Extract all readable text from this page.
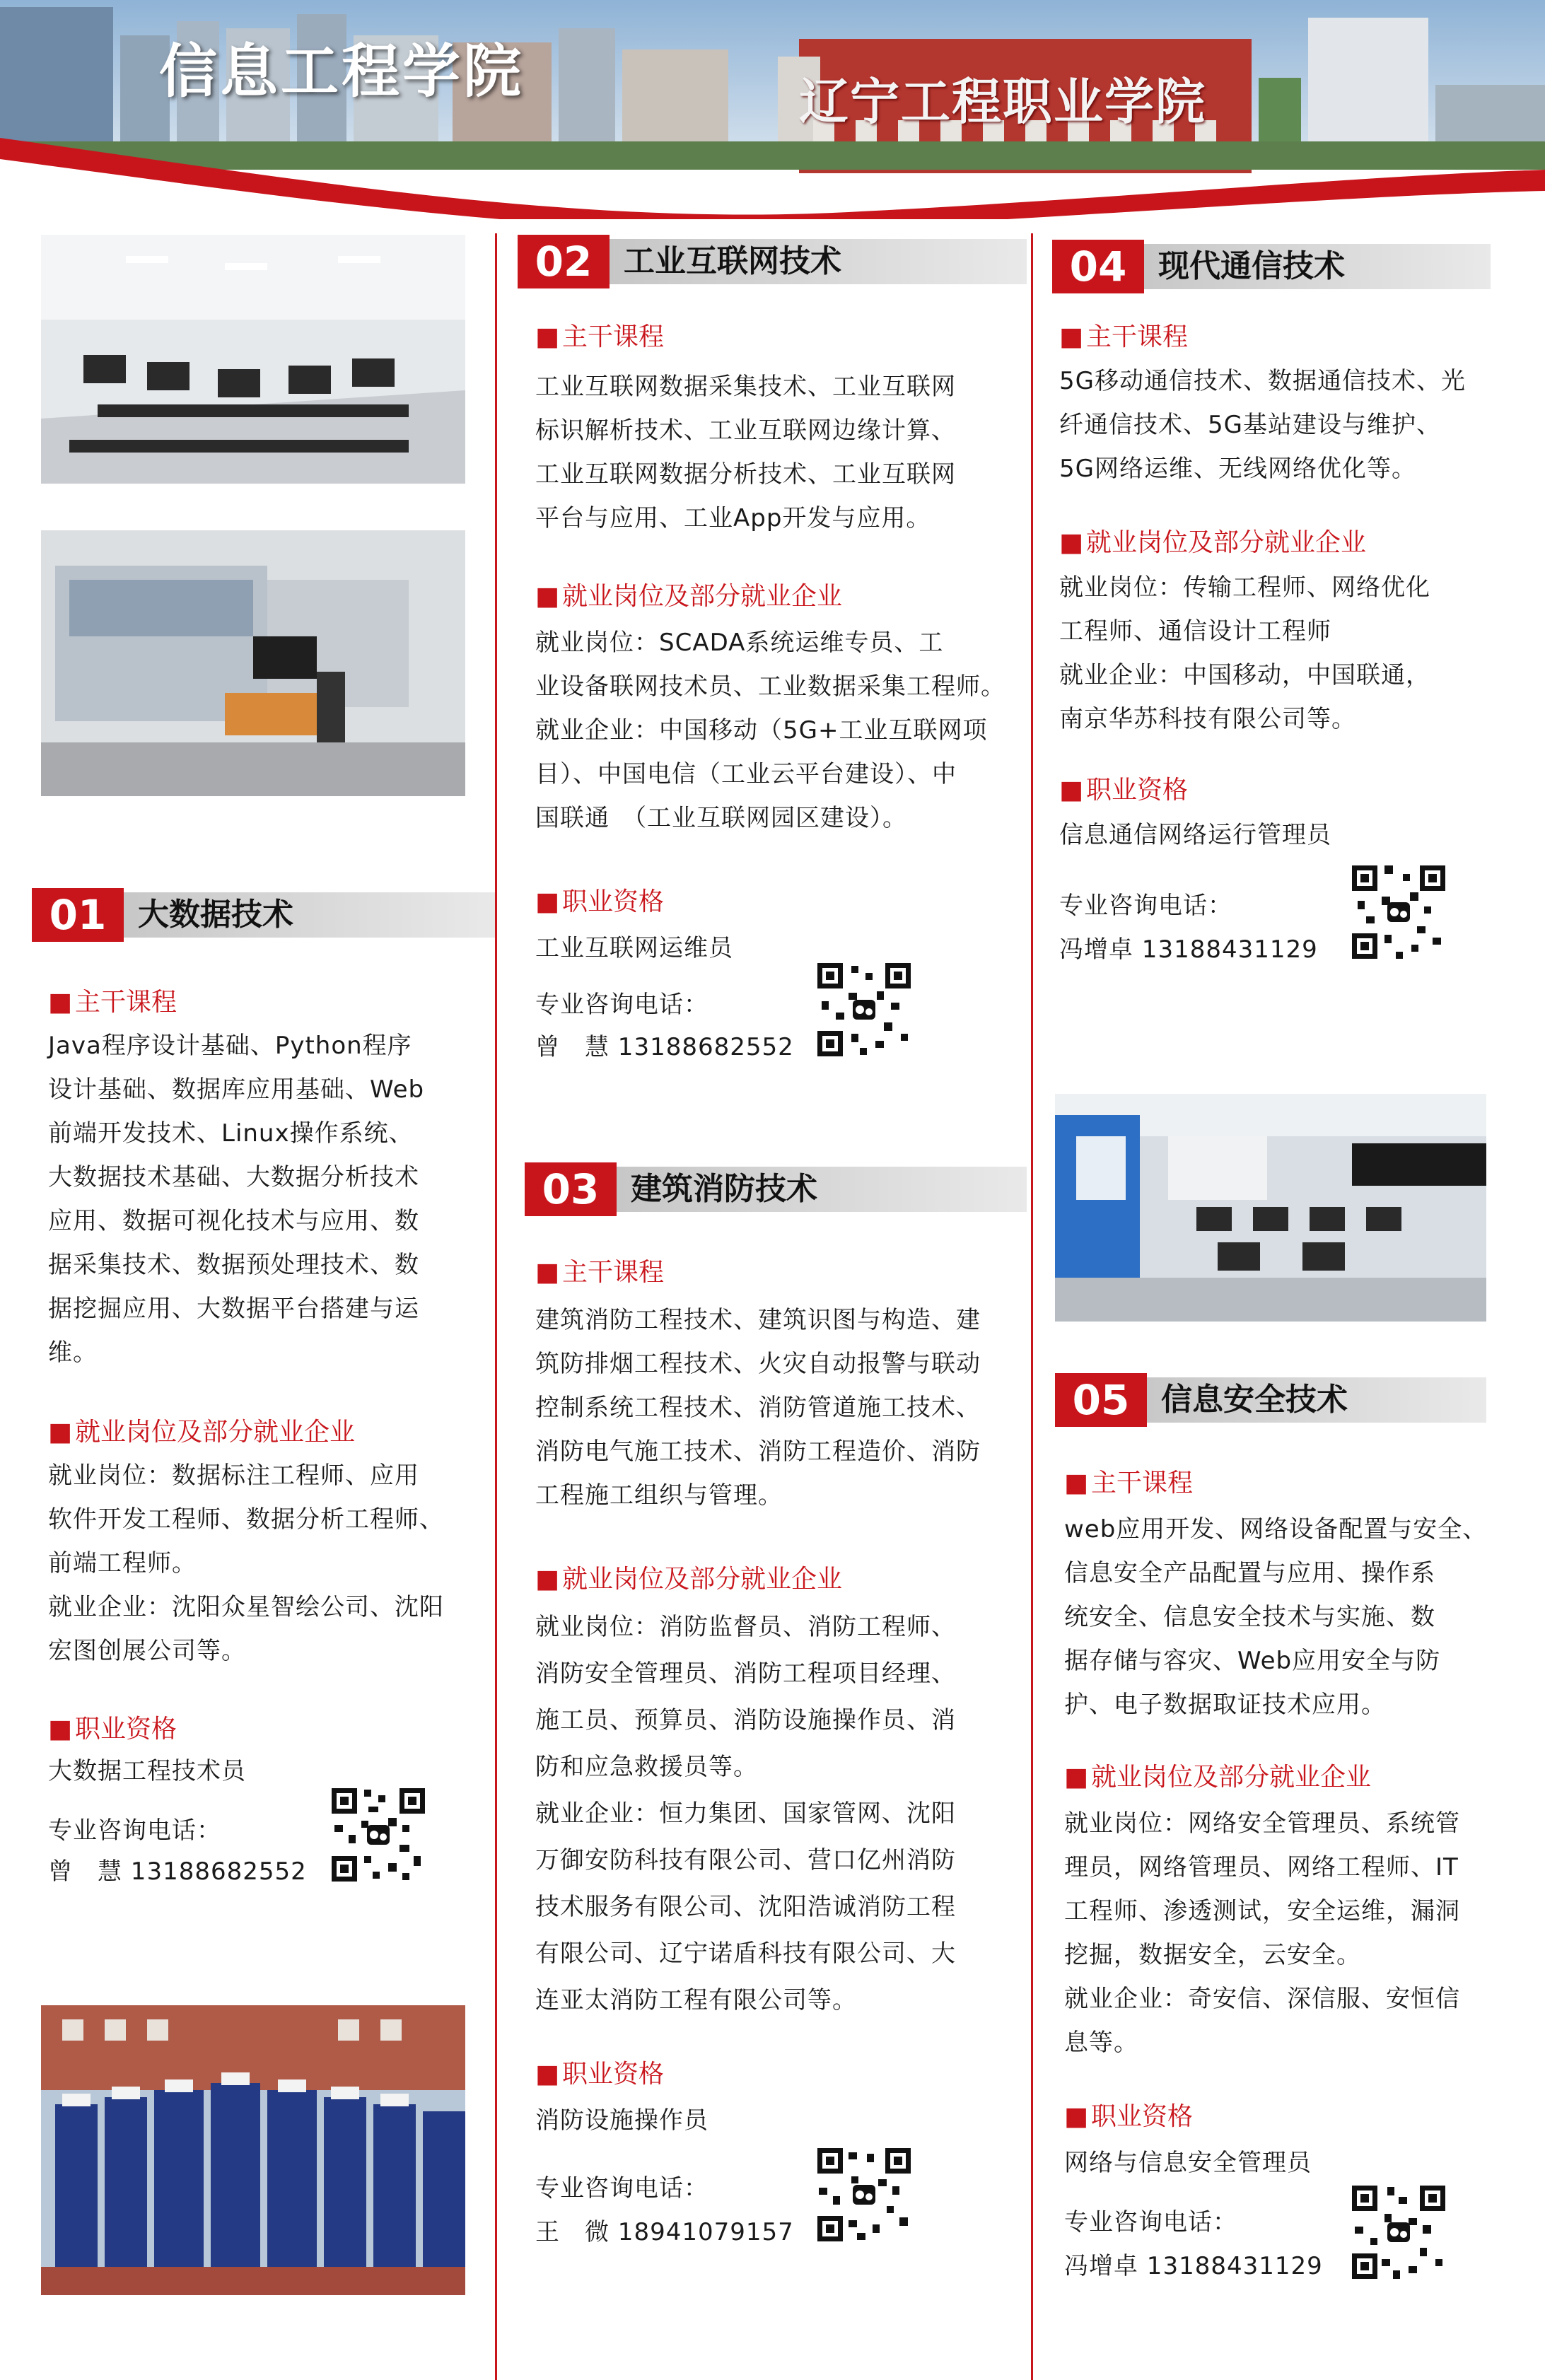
信息工程学院	辽宁工程职业学院
01	大数据技术
■ 主干课程
Java程序设计基础、Python程序
设计基础、数据库应用基础、Web
前端开发技术、Linux操作系统、
大数据技术基础、大数据分析技术
应用、数据可视化技术与应用、数
据采集技术、数据预处理技术、数
据挖掘应用、大数据平台搭建与运
维。
■ 就业岗位及部分就业企业
就业岗位：数据标注工程师、应用
软件开发工程师、数据分析工程师、
前端工程师。
就业企业：沈阳众星智绘公司、沈阳
宏图创展公司等。
■ 职业资格
大数据工程技术员
专业咨询电话：
曾　慧 13188682552
02	工业互联网技术
■ 主干课程
工业互联网数据采集技术、工业互联网
标识解析技术、工业互联网边缘计算、
工业互联网数据分析技术、工业互联网
平台与应用、工业App开发与应用。
■ 就业岗位及部分就业企业
就业岗位：SCADA系统运维专员、工
业设备联网技术员、工业数据采集工程师。
就业企业：中国移动（5G+工业互联网项
目）、中国电信（工业云平台建设）、中
国联通　（工业互联网园区建设）。
■ 职业资格
工业互联网运维员
专业咨询电话：
曾　慧 13188682552
03	建筑消防技术
■ 主干课程
建筑消防工程技术、建筑识图与构造、建
筑防排烟工程技术、火灾自动报警与联动
控制系统工程技术、消防管道施工技术、
消防电气施工技术、消防工程造价、消防
工程施工组织与管理。
■ 就业岗位及部分就业企业
就业岗位：消防监督员、消防工程师、
消防安全管理员、消防工程项目经理、
施工员、预算员、消防设施操作员、消
防和应急救援员等。
就业企业：恒力集团、国家管网、沈阳
万御安防科技有限公司、营口亿州消防
技术服务有限公司、沈阳浩诚消防工程
有限公司、辽宁诺盾科技有限公司、大
连亚太消防工程有限公司等。
■ 职业资格
消防设施操作员
专业咨询电话：
王　微 18941079157
04	现代通信技术
■ 主干课程
5G移动通信技术、数据通信技术、光
纤通信技术、5G基站建设与维护、
5G网络运维、无线网络优化等。
■ 就业岗位及部分就业企业
就业岗位：传输工程师、网络优化
工程师、通信设计工程师
就业企业：中国移动，中国联通，
南京华苏科技有限公司等。
■ 职业资格
信息通信网络运行管理员
专业咨询电话：
冯增卓 13188431129
05	信息安全技术
■ 主干课程
web应用开发、网络设备配置与安全、
信息安全产品配置与应用、操作系
统安全、信息安全技术与实施、数
据存储与容灾、Web应用安全与防
护、电子数据取证技术应用。
■ 就业岗位及部分就业企业
就业岗位：网络安全管理员、系统管
理员，网络管理员、网络工程师、IT
工程师、渗透测试，安全运维，漏洞
挖掘，数据安全，云安全。
就业企业：奇安信、深信服、安恒信
息等。
■ 职业资格
网络与信息安全管理员
专业咨询电话：
冯增卓 13188431129
